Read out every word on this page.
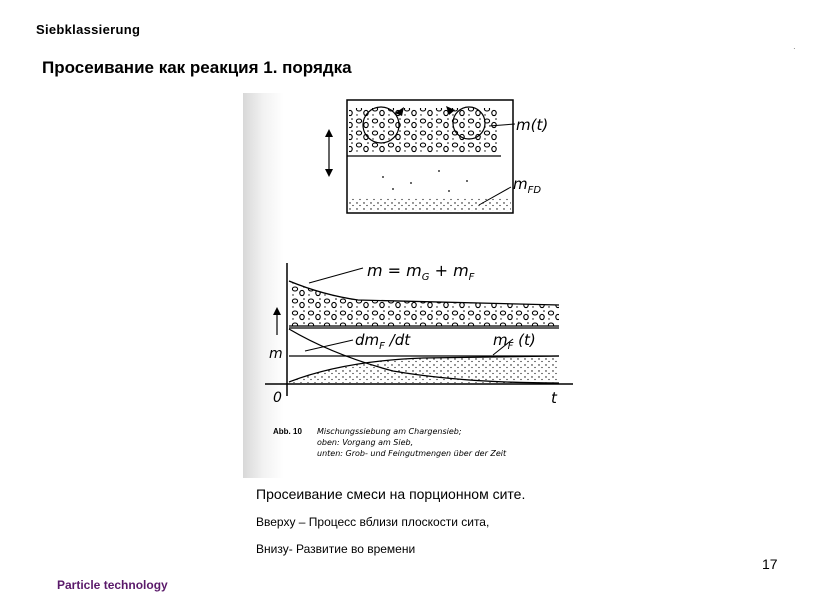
Siebklassierung
·
Просеивание как реакция 1. порядка
m(t)
$m_{FD}$
$m = m_G + m_F$
$dm_F$ /dt	$m_F$ (t)
m
0	t
Abb. 10 Mischungssiebung am Chargensieb;
oben: Vorgang am Sieb,
unten: Grob- und Feingutmengen über der Zeit
Просеивание смеси на порционном сите.
Вверху – Процесс вблизи плоскости сита,
Внизу- Развитие во времени
17
Particle technology
